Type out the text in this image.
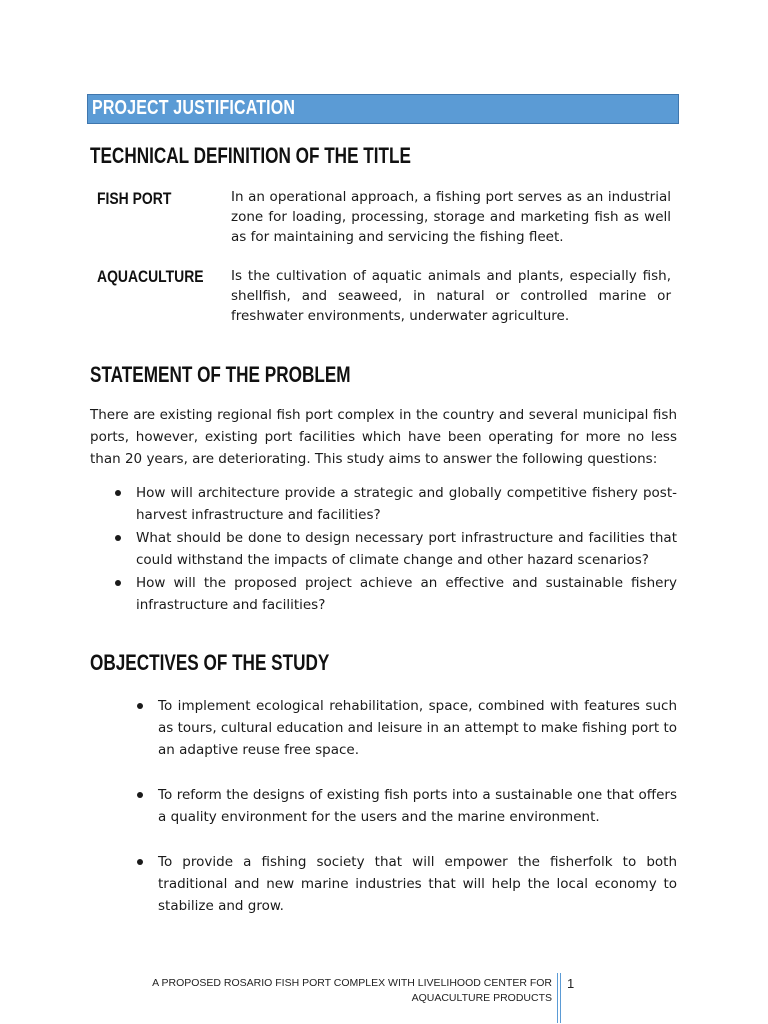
PROJECT JUSTIFICATION
TECHNICAL DEFINITION OF THE TITLE
FISH PORT	In an operational approach, a fishing port serves as an industrial zone for loading, processing, storage and marketing fish as well as for maintaining and servicing the fishing fleet.
AQUACULTURE Is the cultivation of aquatic animals and plants, especially fish, shellfish, and seaweed, in natural or controlled marine or freshwater environments, underwater agriculture.
STATEMENT OF THE PROBLEM
There are existing regional fish port complex in the country and several municipal fish ports, however, existing port facilities which have been operating for more no less than 20 years, are deteriorating. This study aims to answer the following questions:
How will architecture provide a strategic and globally competitive fishery post-harvest infrastructure and facilities?
What should be done to design necessary port infrastructure and facilities that could withstand the impacts of climate change and other hazard scenarios?
How will the proposed project achieve an effective and sustainable fishery infrastructure and facilities?
OBJECTIVES OF THE STUDY
To implement ecological rehabilitation, space, combined with features such as tours, cultural education and leisure in an attempt to make fishing port to an adaptive reuse free space.
To reform the designs of existing fish ports into a sustainable one that offers a quality environment for the users and the marine environment.
To provide a fishing society that will empower the fisherfolk to both traditional and new marine industries that will help the local economy to stabilize and grow.
A PROPOSED ROSARIO FISH PORT COMPLEX WITH LIVELIHOOD CENTER FOR
AQUACULTURE PRODUCTS
1
